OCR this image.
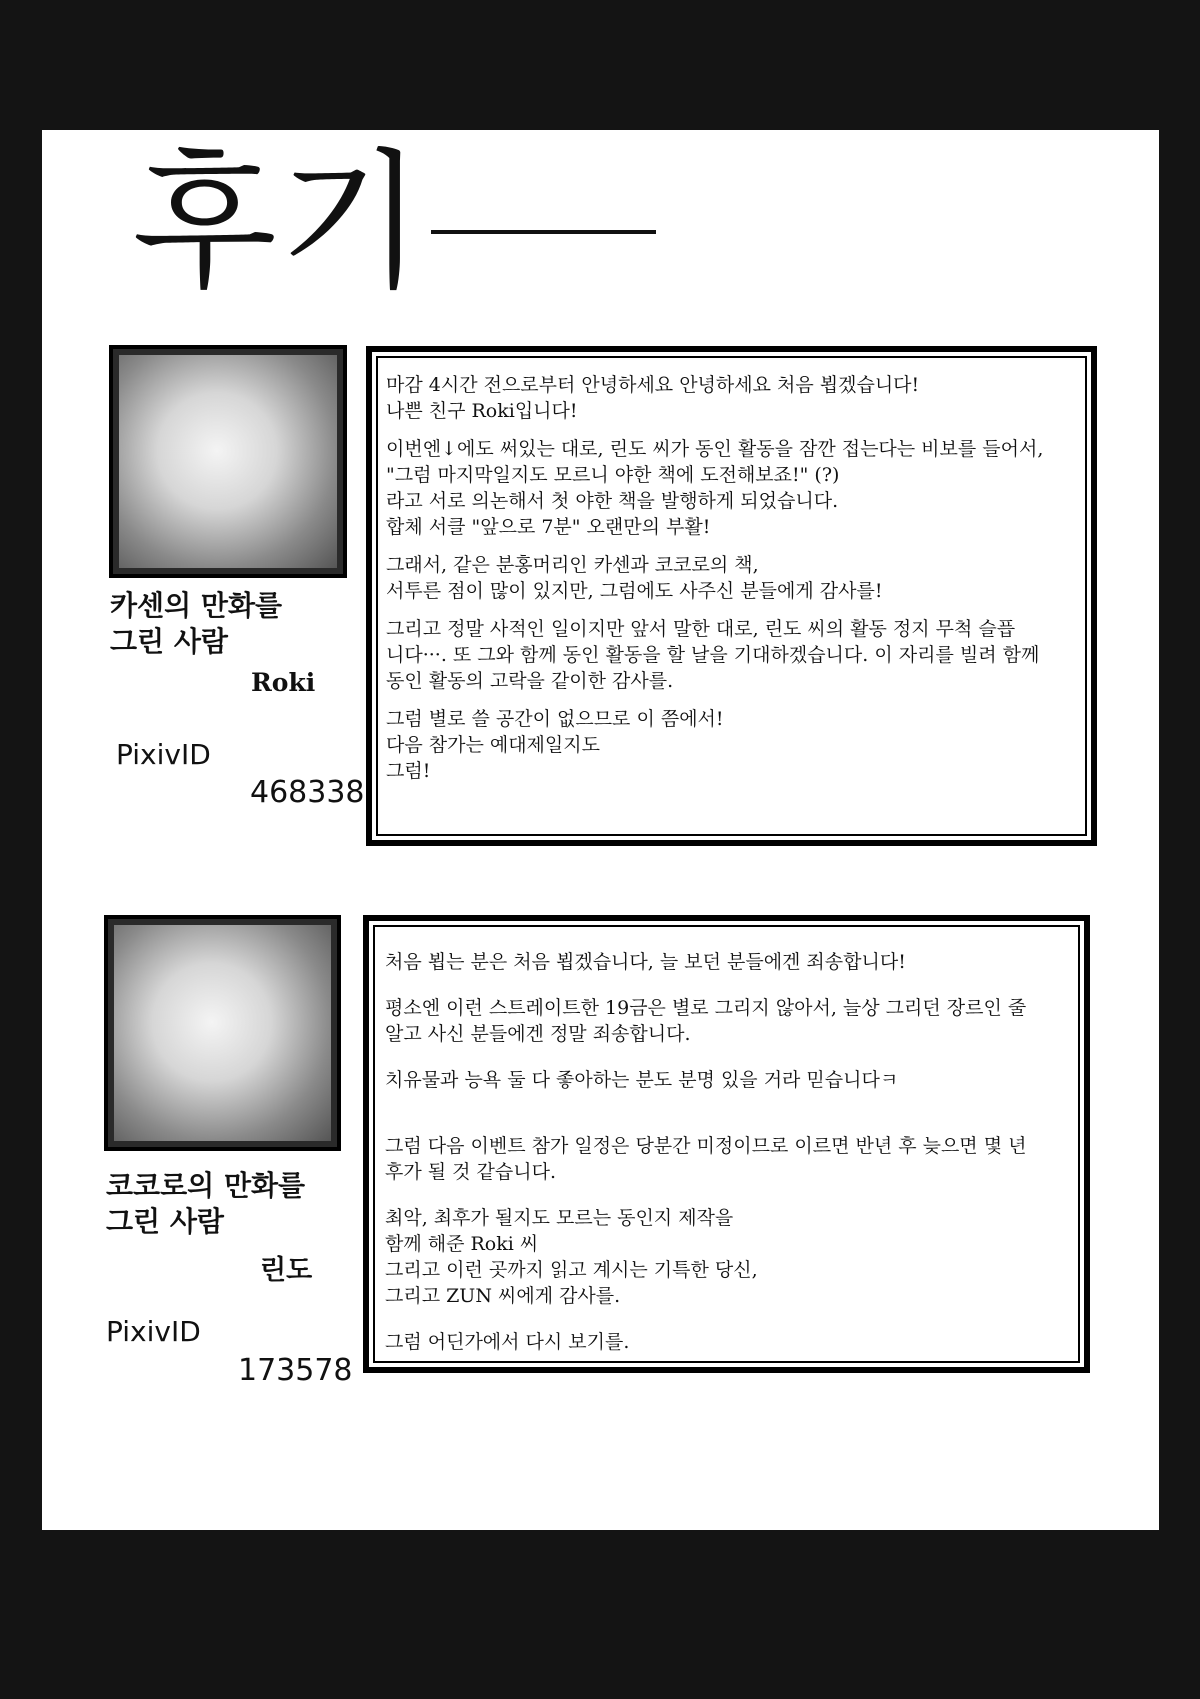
후기
카센의 만화를
그린 사람
Roki
PixivID
468338
마감 4시간 전으로부터 안녕하세요 안녕하세요 처음 뵙겠습니다!
나쁜 친구 Roki입니다!
이번엔↓에도 써있는 대로, 린도 씨가 동인 활동을 잠깐 접는다는 비보를 들어서,
"그럼 마지막일지도 모르니 야한 책에 도전해보죠!" (?)
라고 서로 의논해서 첫 야한 책을 발행하게 되었습니다.
합체 서클 "앞으로 7분" 오랜만의 부활!
그래서, 같은 분홍머리인 카센과 코코로의 책,
서투른 점이 많이 있지만, 그럼에도 사주신 분들에게 감사를!
그리고 정말 사적인 일이지만 앞서 말한 대로, 린도 씨의 활동 정지 무척 슬픕
니다···. 또 그와 함께 동인 활동을 할 날을 기대하겠습니다. 이 자리를 빌려 함께
동인 활동의 고락을 같이한 감사를.
그럼 별로 쓸 공간이 없으므로 이 쯤에서!
다음 참가는 예대제일지도
그럼!
코코로의 만화를
그린 사람
린도
PixivID
173578
처음 뵙는 분은 처음 뵙겠습니다, 늘 보던 분들에겐 죄송합니다!
평소엔 이런 스트레이트한 19금은 별로 그리지 않아서, 늘상 그리던 장르인 줄
알고 사신 분들에겐 정말 죄송합니다.
치유물과 능욕 둘 다 좋아하는 분도 분명 있을 거라 믿습니다ㅋ

그럼 다음 이벤트 참가 일정은 당분간 미정이므로 이르면 반년 후 늦으면 몇 년
후가 될 것 같습니다.
최악, 최후가 될지도 모르는 동인지 제작을
함께 해준 Roki 씨
그리고 이런 곳까지 읽고 계시는 기특한 당신,
그리고 ZUN 씨에게 감사를.
그럼 어딘가에서 다시 보기를.
